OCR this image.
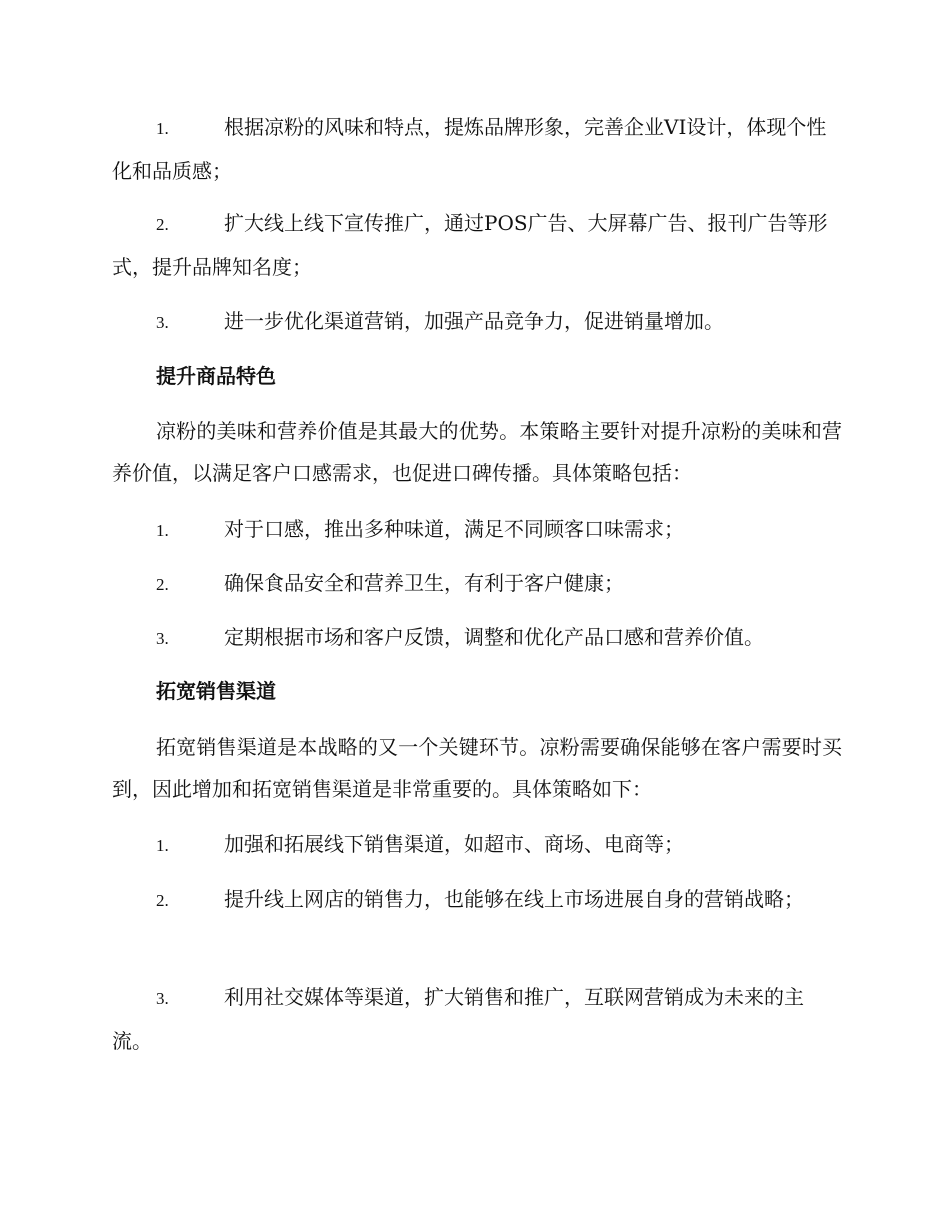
1.	根据凉粉的风味和特点，提炼品牌形象，完善企业VI设计，体现个性化和品质感；
2.	扩大线上线下宣传推广，通过POS广告、大屏幕广告、报刊广告等形式，提升品牌知名度；
3.	进一步优化渠道营销，加强产品竞争力，促进销量增加。
提升商品特色
凉粉的美味和营养价值是其最大的优势。本策略主要针对提升凉粉的美味和营养价值，以满足客户口感需求，也促进口碑传播。具体策略包括：
1.	对于口感，推出多种味道，满足不同顾客口味需求；
2.	确保食品安全和营养卫生，有利于客户健康；
3.	定期根据市场和客户反馈，调整和优化产品口感和营养价值。
拓宽销售渠道
拓宽销售渠道是本战略的又一个关键环节。凉粉需要确保能够在客户需要时买到，因此增加和拓宽销售渠道是非常重要的。具体策略如下：
1.	加强和拓展线下销售渠道，如超市、商场、电商等；
2.	提升线上网店的销售力，也能够在线上市场进展自身的营销战略；
3.	利用社交媒体等渠道，扩大销售和推广，互联网营销成为未来的主流。
